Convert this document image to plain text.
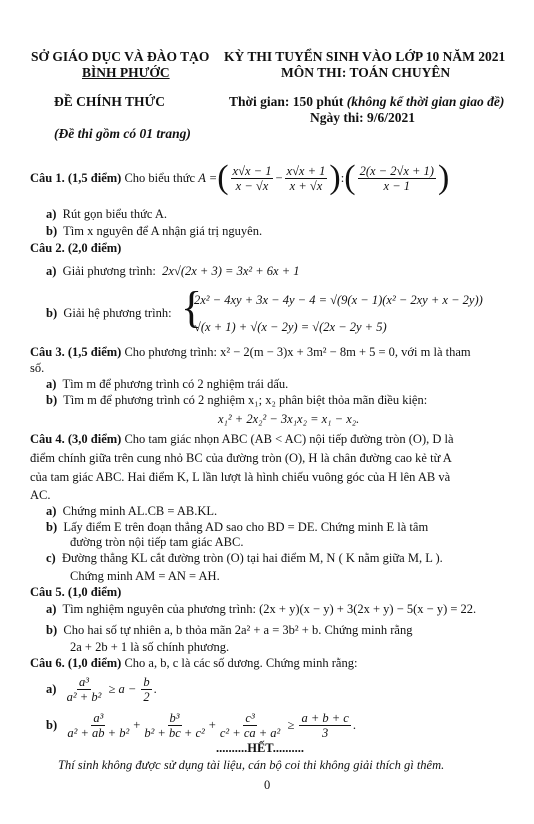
SỞ GIÁO DỤC VÀ ĐÀO TẠO
BÌNH PHƯỚC
KỲ THI TUYỂN SINH VÀO LỚP 10 NĂM 2021
MÔN THI: TOÁN CHUYÊN
ĐỀ CHÍNH THỨC	Thời gian: 150 phút (không kể thời gian giao đề)
Ngày thi: 9/6/2021
(Đề thi gồm có 01 trang)
Câu 1. (1,5 điểm)
Cho biểu thức
A = ( $\frac{x√x - 1}{x - √x} - \frac{x√x + 1}{x + √x}$ ) : ( $\frac{2(x - 2√x + 1)}{x - 1}$ )
a) Rút gọn biểu thức A.
b) Tìm x nguyên để A nhận giá trị nguyên.
Câu 2. (2,0 điểm)
a) Giải phương trình: 2x√(2x + 3) = 3x² + 6x + 1
b) Giải hệ phương trình: {
2x² − 4xy + 3x − 4y − 4 = √(9(x − 1)(x² − 2xy + x − 2y))
√(x + 1) + √(x − 2y) = √(2x − 2y + 5)
Câu 3. (1,5 điểm) Cho phương trình: x² − 2(m − 3)x + 3m² − 8m + 5 = 0, với m là tham
số.
a) Tìm m để phương trình có 2 nghiệm trái dấu.
b) Tìm m để phương trình có 2 nghiệm x₁; x₂ phân biệt thỏa mãn điều kiện:
x₁² + 2x₂² − 3x₁x₂ = x₁ − x₂.
Câu 4. (3,0 điểm) Cho tam giác nhọn ABC (AB < AC) nội tiếp đường tròn (O), D là
điểm chính giữa trên cung nhỏ BC của đường tròn (O), H là chân đường cao kẻ từ A
của tam giác ABC. Hai điểm K, L lần lượt là hình chiếu vuông góc của H lên AB và
AC.
a) Chứng minh AL.CB = AB.KL.
b) Lấy điểm E trên đoạn thẳng AD sao cho BD = DE. Chứng minh E là tâm
đường tròn nội tiếp tam giác ABC.
c) Đường thẳng KL cắt đường tròn (O) tại hai điểm M, N ( K nằm giữa M, L ).
Chứng minh AM = AN = AH.
Câu 5. (1,0 điểm)
a) Tìm nghiệm nguyên của phương trình: (2x + y)(x − y) + 3(2x + y) − 5(x − y) = 22.
b) Cho hai số tự nhiên a, b thỏa mãn 2a² + a = 3b² + b. Chứng minh rằng
2a + 2b + 1 là số chính phương.
Câu 6. (1,0 điểm) Cho a, b, c là các số dương. Chứng minh rằng:
a)
$\frac{\text{a³}}{\text{a² + b²}} \ge a - \frac{b}{2}$ .
b)
$\frac{\text{a³}}{\text{a² + ab + b²}} + \frac{\text{b³}}{\text{b² + bc + c²}} + \frac{\text{c³}}{\text{c² + ca + a²}} \ge \frac{a + b + c}{3}$ .
..........HẾT..........
Thí sinh không được sử dụng tài liệu, cán bộ coi thi không giải thích gì thêm.
0
